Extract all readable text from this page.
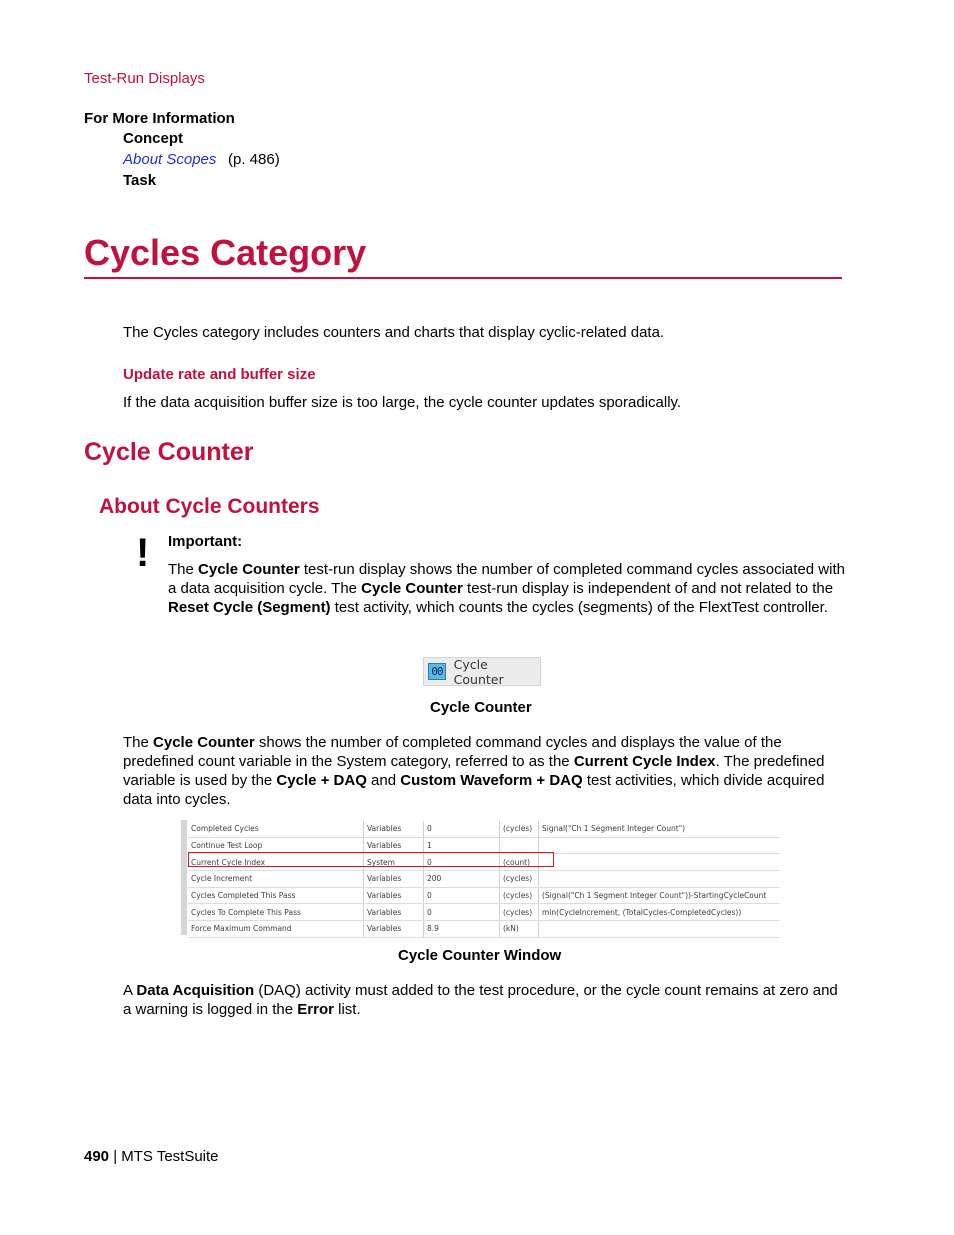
Test-Run Displays
For More Information
Concept
About Scopes (p. 486)
Task
Cycles Category
The Cycles category includes counters and charts that display cyclic-related data.
Update rate and buffer size
If the data acquisition buffer size is too large, the cycle counter updates sporadically.
Cycle Counter
About Cycle Counters
! Important:
The Cycle Counter test-run display shows the number of completed command cycles associated with a data acquisition cycle. The Cycle Counter test-run display is independent of and not related to the Reset Cycle (Segment) test activity, which counts the cycles (segments) of the FlextTest controller.
00 Cycle Counter
Cycle Counter
The Cycle Counter shows the number of completed command cycles and displays the value of the predefined count variable in the System category, referred to as the Current Cycle Index. The predefined variable is used by the Cycle + DAQ and Custom Waveform + DAQ test activities, which divide acquired data into cycles.
Completed Cycles	Variables	0	(cycles)	Signal("Ch 1 Segment Integer Count")
Continue Test Loop	Variables	1		
Current Cycle Index	System	0	(count)	
Cycle Increment	Variables	200	(cycles)	
Cycles Completed This Pass	Variables	0	(cycles)	(Signal("Ch 1 Segment Integer Count"))-StartingCycleCount
Cycles To Complete This Pass	Variables	0	(cycles)	min(CycleIncrement, (TotalCycles-CompletedCycles))
Force Maximum Command	Variables	8.9	(kN)	
Cycle Counter Window
A Data Acquisition (DAQ) activity must added to the test procedure, or the cycle count remains at zero and a warning is logged in the Error list.
490 | MTS TestSuite
